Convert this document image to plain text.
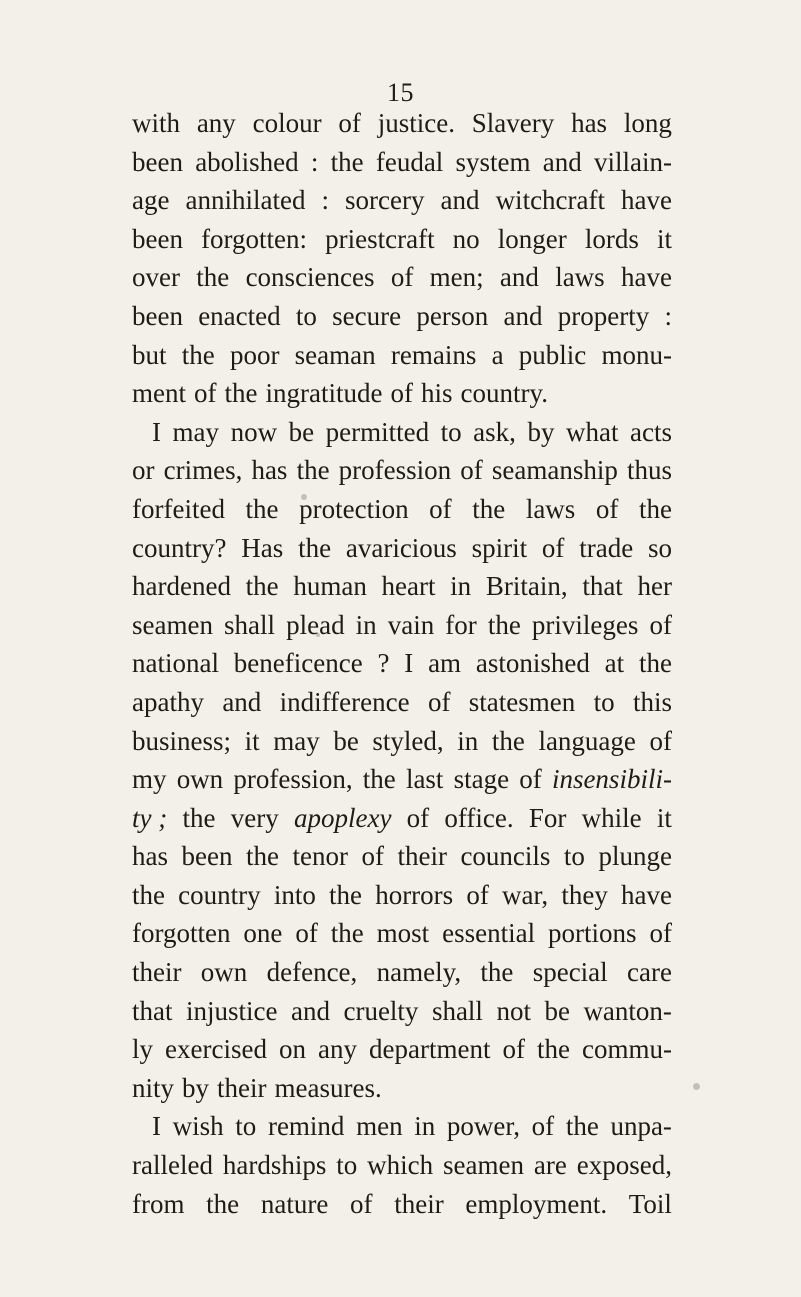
15
with any colour of justice. Slavery has long
been abolished : the feudal system and villain-
age annihilated : sorcery and witchcraft have
been forgotten: priestcraft no longer lords it
over the consciences of men; and laws have
been enacted to secure person and property :
but the poor seaman remains a public monu-
ment of the ingratitude of his country.
I may now be permitted to ask, by what acts
or crimes, has the profession of seamanship thus
forfeited the protection of the laws of the
country? Has the avaricious spirit of trade so
hardened the human heart in Britain, that her
seamen shall plead in vain for the privileges of
national beneficence ? I am astonished at the
apathy and indifference of statesmen to this
business; it may be styled, in the language of
my own profession, the last stage of insensibili-
ty ; the very apoplexy of office. For while it
has been the tenor of their councils to plunge
the country into the horrors of war, they have
forgotten one of the most essential portions of
their own defence, namely, the special care
that injustice and cruelty shall not be wanton-
ly exercised on any department of the commu-
nity by their measures.
I wish to remind men in power, of the unpa-
ralleled hardships to which seamen are exposed,
from the nature of their employment. Toil
